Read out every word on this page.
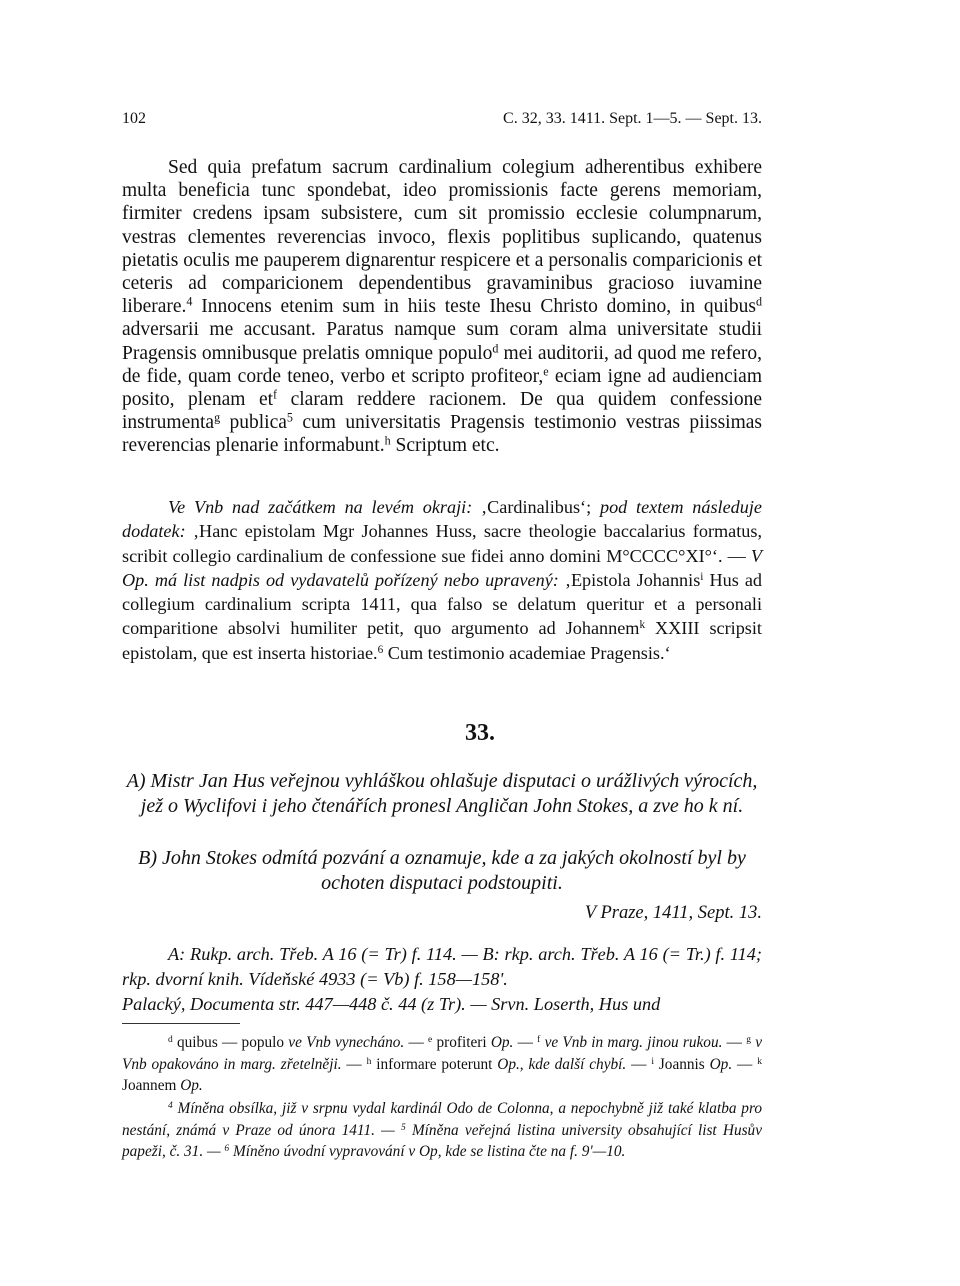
102	C. 32, 33. 1411. Sept. 1—5. — Sept. 13.
Sed quia prefatum sacrum cardinalium colegium adherentibus exhibere multa beneficia tunc spondebat, ideo promissionis facte gerens memoriam, firmiter credens ipsam subsistere, cum sit promissio ecclesie columpnarum, vestras clementes reverencias invoco, flexis poplitibus suplicando, quatenus pietatis oculis me pauperem dignarentur respicere et a personalis comparicionis et ceteris ad comparicionem dependentibus gravaminibus gracioso iuvamine liberare.$^4$ Innocens etenim sum in hiis teste Ihesu Christo domino, in quibus$^d$ adversarii me accusant. Paratus namque sum coram alma universitate studii Pragensis omnibusque prelatis omnique populo$^d$ mei auditorii, ad quod me refero, de fide, quam corde teneo, verbo et scripto profiteor,$^e$ eciam igne ad audienciam posito, plenam $et^f$ claram reddere racionem. De qua quidem confessione instrumenta$^g$ publica$^5$ cum universitatis Pragensis testimonio vestras piissimas reverencias plenarie informabunt.$^h$ Scriptum etc.
Ve Vnb nad začátkem na levém okraji: ‚Cardinalibus‘; pod textem následuje dodatek: ‚Hanc epistolam Mgr Johannes Huss, sacre theologie baccalarius formatus, scribit collegio cardinalium de confessione sue fidei anno domini M°CCCC°XI°‘. — V Op. má list nadpis od vydavatelů pořízený nebo upravený: ‚Epistola Johannis$^i$ Hus ad collegium cardinalium scripta 1411, qua falso se delatum queritur et a personali comparitione absolvi humiliter petit, quo argumento ad Johannem$^k$ XXIII scripsit epistolam, que est inserta historiae.$^6$ Cum testimonio academiae Pragensis.‘
33.
A) Mistr Jan Hus veřejnou vyhláškou ohlašuje disputaci o urážlivých výrocích, jež o Wyclifovi i jeho čtenářích pronesl Angličan John Stokes, a zve ho k ní.
B) John Stokes odmítá pozvání a oznamuje, kde a za jakých okolností byl by ochoten disputaci podstoupiti.
V Praze, 1411, Sept. 13.
A: Rukp. arch. Třeb. A 16 (= Tr) f. 114. — B: rkp. arch. Třeb. A 16 (= Tr.) f. 114; rkp. dvorní knih. Vídeňské 4933 (= Vb) f. 158—158'.
Palacký, Documenta str. 447—448 č. 44 (z Tr). — Srvn. Loserth, Hus und
$^d$ quibus — populo ve Vnb vynecháno. — $^e$ profiteri Op. — $^f$ ve Vnb in marg. jinou rukou. — $^g$ v Vnb opakováno in marg. zřetelněji. — $^h$ informare poterunt Op., kde další chybí. — $^i$ Joannis Op. — $^k$ Joannem Op.
$^4$ Míněna obsílka, již v srpnu vydal kardinál Odo de Colonna, a nepochybně již také klatba pro nestání, známá v Praze od února 1411. — $^5$ Míněna veřejná listina university obsahující list Husův papeži, č. 31. — $^6$ Míněno úvodní vypravování v Op, kde se listina čte na f. 9'—10.
